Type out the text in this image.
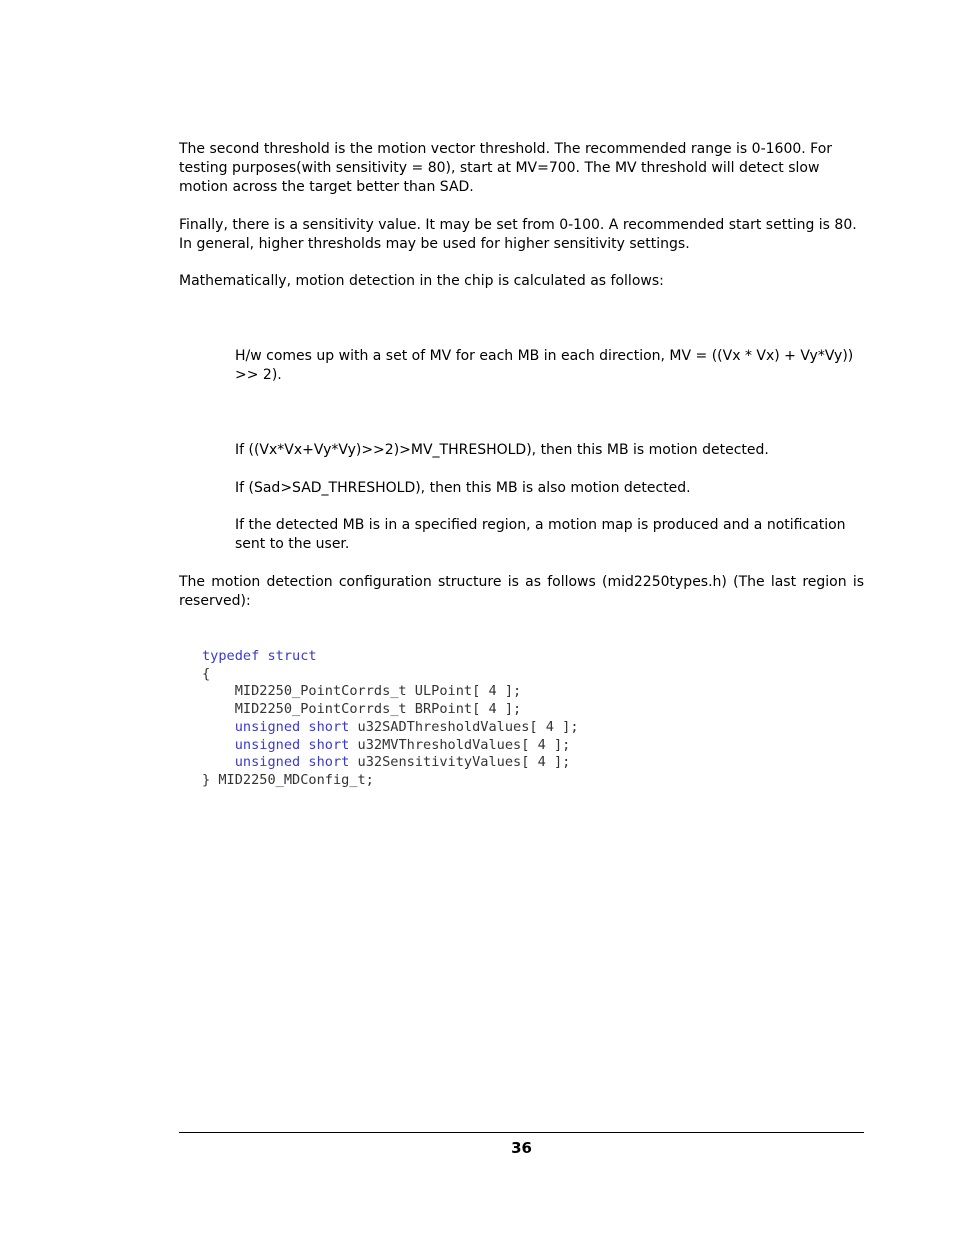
The second threshold is the motion vector threshold. The recommended range is 0-1600. For

testing purposes(with sensitivity = 80), start at MV=700. The MV threshold will detect slow

motion across the target better than SAD.

Finally, there is a sensitivity value. It may be set from 0-100. A recommended start setting is 80.

In general, higher thresholds may be used for higher sensitivity settings.

Mathematically, motion detection in the chip is calculated as follows:

H/w comes up with a set of MV for each MB in each direction, MV = ((Vx * Vx) + Vy*Vy))

>> 2).

If ((Vx*Vx+Vy*Vy)>>2)>MV_THRESHOLD), then this MB is motion detected.

If (Sad>SAD_THRESHOLD), then this MB is also motion detected.

If the detected MB is in a specified region, a motion map is produced and a notification

sent to the user.

The motion detection configuration structure is as follows (mid2250types.h) (The last region is reserved):

typedef struct
{
MID2250_PointCorrds_t ULPoint[ 4 ];
MID2250_PointCorrds_t BRPoint[ 4 ];
unsigned short u32SADThresholdValues[ 4 ];
unsigned short u32MVThresholdValues[ 4 ];
unsigned short u32SensitivityValues[ 4 ];
} MID2250_MDConfig_t;
36
